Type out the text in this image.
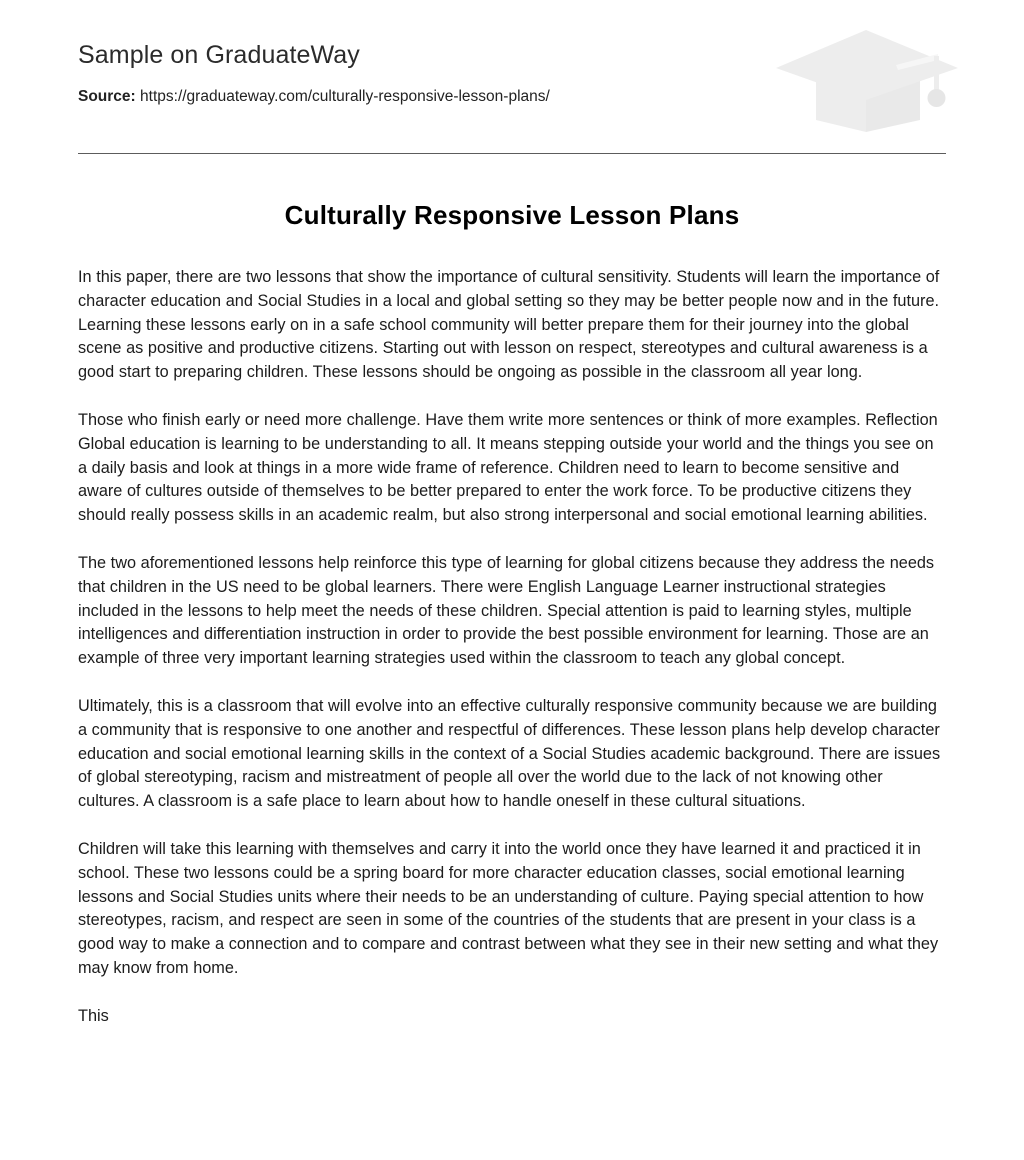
Sample on GraduateWay
Source: https://graduateway.com/culturally-responsive-lesson-plans/
Culturally Responsive Lesson Plans

In this paper, there are two lessons that show the importance of cultural sensitivity. Students will learn the importance of character education and Social Studies in a local and global setting so they may be better people now and in the future. Learning these lessons early on in a safe school community will better prepare them for their journey into the global scene as positive and productive citizens. Starting out with lesson on respect, stereotypes and cultural awareness is a good start to preparing children. These lessons should be ongoing as possible in the classroom all year long.

Those who finish early or need more challenge. Have them write more sentences or think of more examples. Reflection Global education is learning to be understanding to all. It means stepping outside your world and the things you see on a daily basis and look at things in a more wide frame of reference. Children need to learn to become sensitive and aware of cultures outside of themselves to be better prepared to enter the work force. To be productive citizens they should really possess skills in an academic realm, but also strong interpersonal and social emotional learning abilities.

The two aforementioned lessons help reinforce this type of learning for global citizens because they address the needs that children in the US need to be global learners. There were English Language Learner instructional strategies included in the lessons to help meet the needs of these children. Special attention is paid to learning styles, multiple intelligences and differentiation instruction in order to provide the best possible environment for learning. Those are an example of three very important learning strategies used within the classroom to teach any global concept.

Ultimately, this is a classroom that will evolve into an effective culturally responsive community because we are building a community that is responsive to one another and respectful of differences. These lesson plans help develop character education and social emotional learning skills in the context of a Social Studies academic background. There are issues of global stereotyping, racism and mistreatment of people all over the world due to the lack of not knowing other cultures. A classroom is a safe place to learn about how to handle oneself in these cultural situations.

Children will take this learning with themselves and carry it into the world once they have learned it and practiced it in school. These two lessons could be a spring board for more character education classes, social emotional learning lessons and Social Studies units where their needs to be an understanding of culture. Paying special attention to how stereotypes, racism, and respect are seen in some of the countries of the students that are present in your class is a good way to make a connection and to compare and contrast between what they see in their new setting and what they may know from home.

This
